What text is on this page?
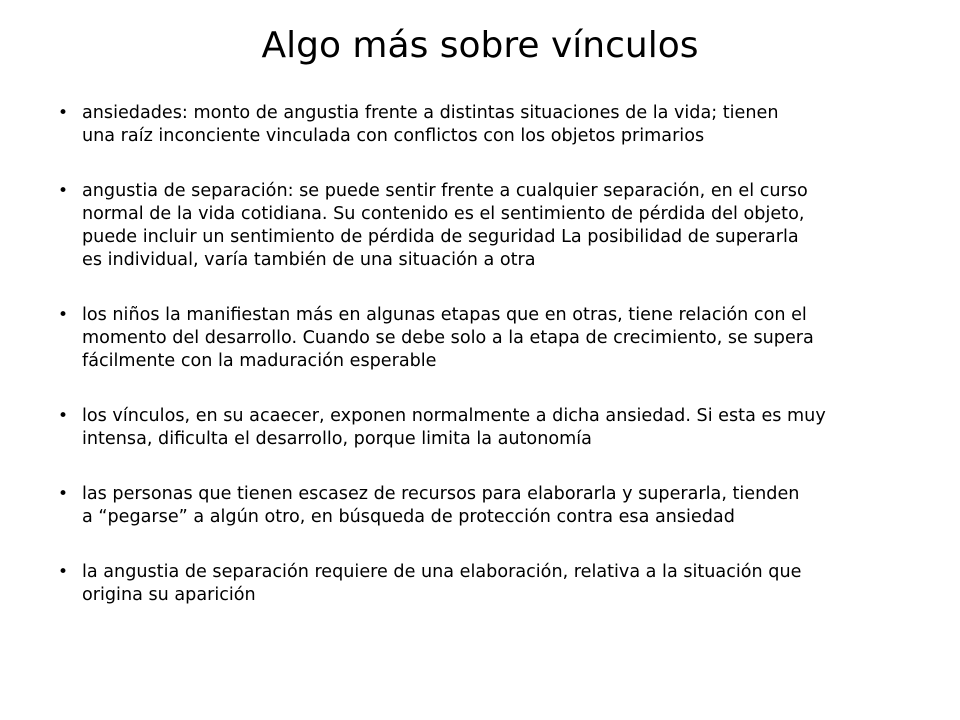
Algo más sobre vínculos
• ansiedades: monto de angustia frente a distintas situaciones de la vida; tienen
una raíz inconciente vinculada con conflictos con los objetos primarios
• angustia de separación: se puede sentir frente a cualquier separación, en el curso
normal de la vida cotidiana. Su contenido es el sentimiento de pérdida del objeto,
puede incluir un sentimiento de pérdida de seguridad La posibilidad de superarla
es individual, varía también de una situación a otra
• los niños la manifiestan más en algunas etapas que en otras, tiene relación con el
momento del desarrollo. Cuando se debe solo a la etapa de crecimiento, se supera
fácilmente con la maduración esperable
• los vínculos, en su acaecer, exponen normalmente a dicha ansiedad. Si esta es muy
intensa, dificulta el desarrollo, porque limita la autonomía
• las personas que tienen escasez de recursos para elaborarla y superarla, tienden
a “pegarse” a algún otro, en búsqueda de protección contra esa ansiedad
• la angustia de separación requiere de una elaboración, relativa a la situación que
origina su aparición
